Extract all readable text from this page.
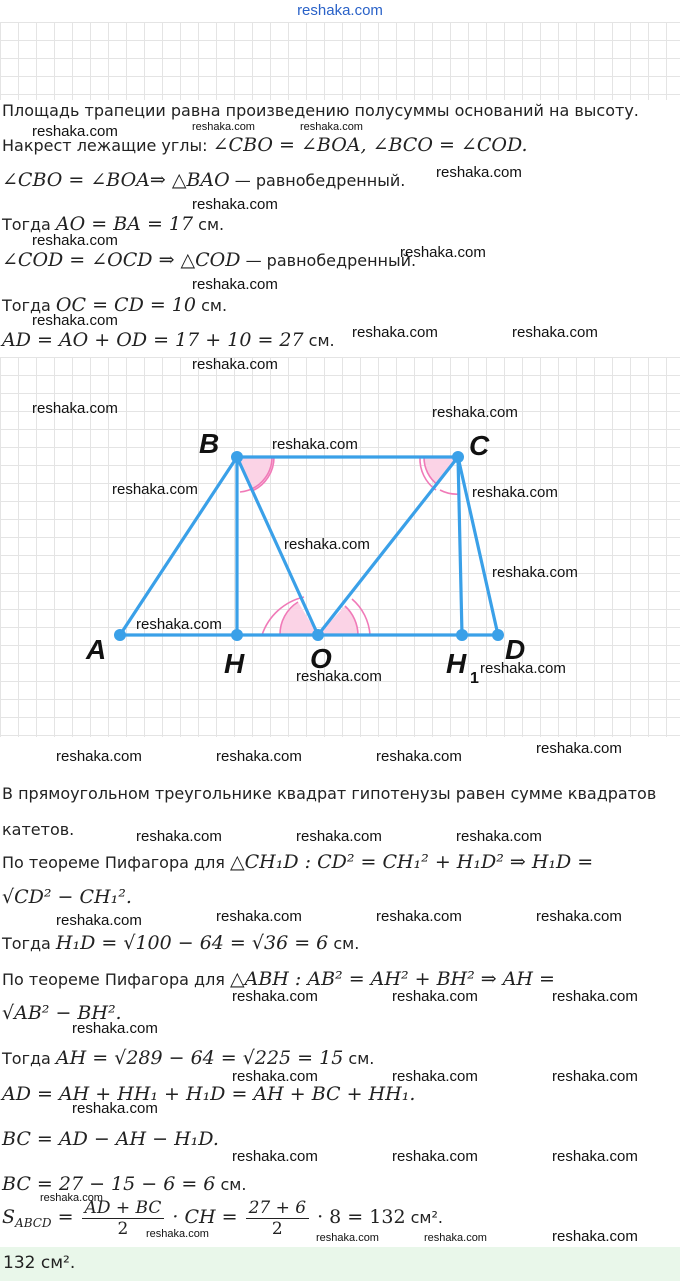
reshaka.com
Площадь трапеции равна произведению полусуммы оснований на высоту.
Накрест лежащие углы: ∠CBO = ∠BOA, ∠BCO = ∠COD.
∠CBO = ∠BOA⇒ △BAO — равнобедренный.
Тогда AO = BA = 17 см.
∠COD = ∠OCD ⇒ △COD — равнобедренный.
Тогда OC = CD = 10 см.
AD = AO + OD = 17 + 10 = 27 см.
B	C
A	H O	H D
1
В прямоугольном треугольнике квадрат гипотенузы равен сумме квадратов
катетов.
По теореме Пифагора для △CH₁D : CD² = CH₁² + H₁D² ⇒ H₁D =
√CD² − CH₁².
Тогда H₁D = √100 − 64 = √36 = 6 см.
По теореме Пифагора для △ABH : AB² = AH² + BH² ⇒ AH =
√AB² − BH².
Тогда AH = √289 − 64 = √225 = 15 см.
AD = AH + HH₁ + H₁D = AH + BC + HH₁.
BC = AD − AH − H₁D.
BC = 27 − 15 − 6 = 6 см.
$S_{ABCD} = \frac{AD + BC}{2}$ · CH = $\frac{27 + 6}{2} \cdot 8 = 132$ см².
132 см².
reshaka.com	reshaka.com	reshaka.com
reshaka.com
reshaka.com
reshaka.com
reshaka.com
reshaka.com
reshaka.com
reshaka.com	reshaka.com
reshaka.com
reshaka.com	reshaka.com
reshaka.com
reshaka.com	reshaka.com
reshaka.com
reshaka.com
reshaka.com
reshaka.com	reshaka.com
reshaka.com	reshaka.com	reshaka.com	reshaka.com
reshaka.com	reshaka.com	reshaka.com
reshaka.com	reshaka.com	reshaka.com	reshaka.com
reshaka.com	reshaka.com	reshaka.com
reshaka.com
reshaka.com	reshaka.com	reshaka.com
reshaka.com
reshaka.com	reshaka.com	reshaka.com
reshaka.com
reshaka.com	reshaka.com	reshaka.com	reshaka.com
